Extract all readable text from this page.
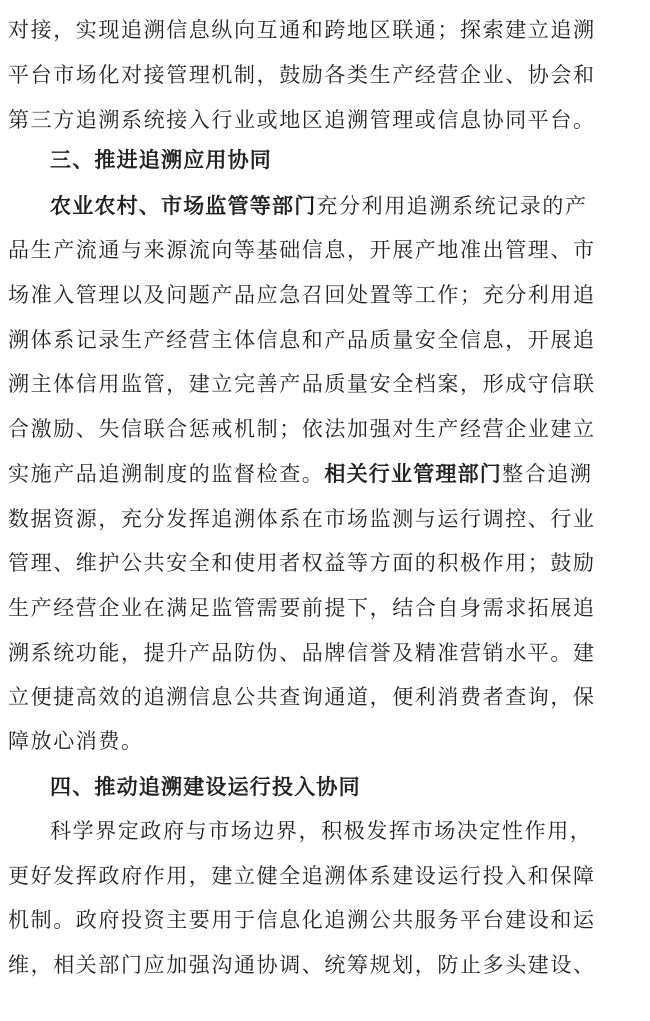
对接，实现追溯信息纵向互通和跨地区联通；探索建立追溯
平台市场化对接管理机制，鼓励各类生产经营企业、协会和
第三方追溯系统接入行业或地区追溯管理或信息协同平台。
三、推进追溯应用协同
农业农村、市场监管等部门充分利用追溯系统记录的产
品生产流通与来源流向等基础信息，开展产地准出管理、市
场准入管理以及问题产品应急召回处置等工作；充分利用追
溯体系记录生产经营主体信息和产品质量安全信息，开展追
溯主体信用监管，建立完善产品质量安全档案，形成守信联
合激励、失信联合惩戒机制；依法加强对生产经营企业建立
实施产品追溯制度的监督检查。相关行业管理部门整合追溯
数据资源，充分发挥追溯体系在市场监测与运行调控、行业
管理、维护公共安全和使用者权益等方面的积极作用；鼓励
生产经营企业在满足监管需要前提下，结合自身需求拓展追
溯系统功能，提升产品防伪、品牌信誉及精准营销水平。建
立便捷高效的追溯信息公共查询通道，便利消费者查询，保
障放心消费。
四、推动追溯建设运行投入协同
科学界定政府与市场边界，积极发挥市场决定性作用，
更好发挥政府作用，建立健全追溯体系建设运行投入和保障
机制。政府投资主要用于信息化追溯公共服务平台建设和运
维，相关部门应加强沟通协调、统筹规划，防止多头建设、
